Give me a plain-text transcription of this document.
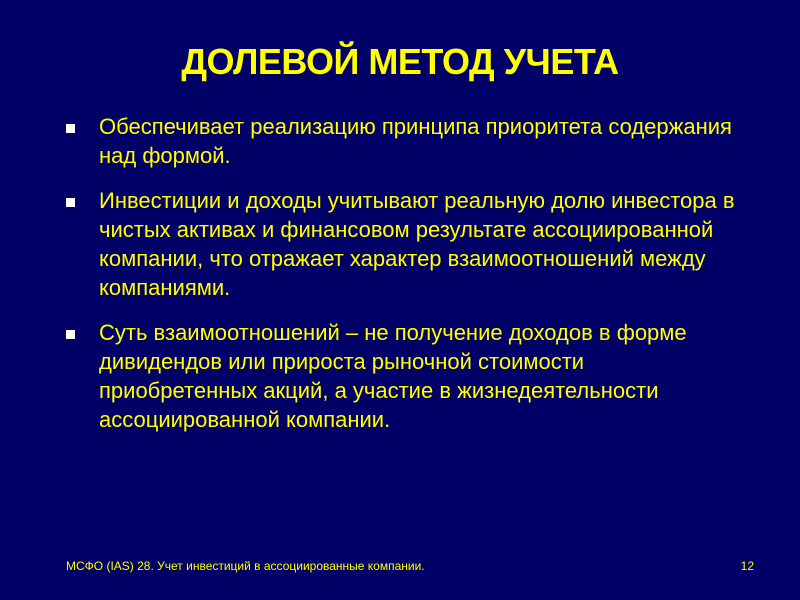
ДОЛЕВОЙ МЕТОД УЧЕТА
Обеспечивает реализацию принципа приоритета содержания над формой.
Инвестиции и доходы учитывают реальную долю инвестора в чистых активах и финансовом результате ассоциированной компании, что отражает характер взаимоотношений между компаниями.
Суть взаимоотношений – не получение доходов в форме дивидендов или прироста рыночной стоимости приобретенных акций, а участие в жизнедеятельности ассоциированной компании.
МСФО (IAS) 28. Учет инвестиций в ассоциированные компании.	12
